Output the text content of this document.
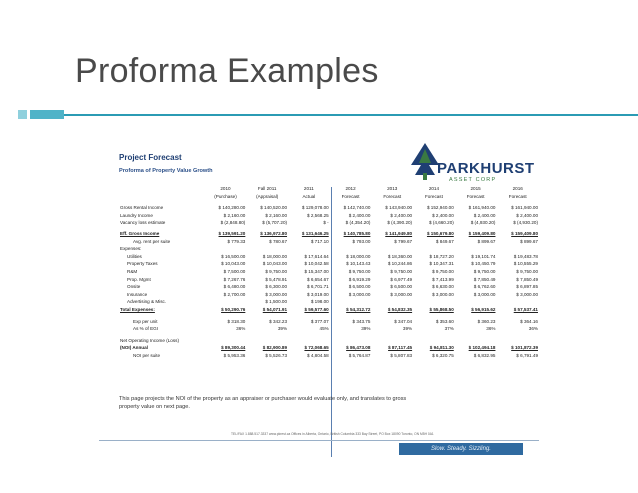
Proforma Examples
Project Forecast
Proforma of Property Value Growth	PARKHURST
ASSET CORP
	2010	Fall 2011	2011	2012	2013	2014	2015	2016
	(Purchase)	(Appraisal)	Actual	Forecast	Forecast	Forecast	Forecast	Forecast

Gross Rental Income	$ 140,280.00	$ 140,520.00	$ 129,078.00	$ 142,740.00	$ 143,940.00	$ 152,940.00	$ 161,940.00	$ 161,940.00
Laundry Income	$ 2,160.00	$ 2,160.00	$ 2,568.25	$ 2,400.00	$ 2,400.00	$ 2,400.00	$ 2,400.00	$ 2,400.00
Vacancy loss estimate	$ (2,848.80)	$ (5,707.20)	$ -	$ (4,354.20)	$ (4,390.20)	$ (4,660.20)	$ (4,930.20)	$ (4,930.20)

Eff. Gross Income	$ 139,591.20	$ 136,972.80	$ 131,646.25	$ 140,785.80	$ 141,949.80	$ 150,679.80	$ 159,409.80	$ 159,409.80
Avg. rent per suite	$ 779.33	$ 780.67	$ 717.10	$ 793.00	$ 799.67	$ 849.67	$ 899.67	$ 899.67
Expenses:								
Utilities	$ 16,500.00	$ 18,000.00	$ 17,614.64	$ 18,000.00	$ 18,360.00	$ 18,727.20	$ 19,101.74	$ 19,483.78
Property Taxes	$ 10,043.00	$ 10,043.00	$ 10,042.58	$ 10,143.43	$ 10,244.86	$ 10,347.31	$ 10,450.79	$ 10,555.29
R&M	$ 7,500.00	$ 9,750.00	$ 15,347.00	$ 9,750.00	$ 9,750.00	$ 9,750.00	$ 9,750.00	$ 9,750.00
Prop. Mgmt	$ 7,267.76	$ 5,478.91	$ 6,654.67	$ 6,919.29	$ 6,977.49	$ 7,413.99	$ 7,850.49	$ 7,850.49
Onsite	$ 6,480.00	$ 6,300.00	$ 6,701.71	$ 6,500.00	$ 6,500.00	$ 6,630.00	$ 6,762.60	$ 6,897.85
Insurance	$ 2,700.00	$ 3,000.00	$ 3,019.00	$ 3,000.00	$ 3,000.00	$ 3,000.00	$ 3,000.00	$ 3,000.00
Advertising & Misc.		$ 1,500.00	$ 198.00					
Total Expenses:	$ 50,290.76	$ 54,071.91	$ 59,577.60	$ 54,312.72	$ 54,832.35	$ 55,868.50	$ 56,915.62	$ 57,537.41

Exp per unit	$ 318.30	$ 342.23	$ 377.07	$ 343.75	$ 347.04	$ 353.60	$ 360.23	$ 364.16
As % of EGI	36%	39%	45%	39%	39%	37%	36%	36%

Net Operating Income (Loss)								
(NOI) Annual	$ 89,300.44	$ 82,900.89	$ 72,068.65	$ 86,473.08	$ 87,117.45	$ 94,811.30	$ 102,494.18	$ 101,872.39
NOI per suite	$ 5,953.36	$ 5,526.73	$ 4,804.58	$ 5,764.87	$ 5,807.83	$ 6,320.75	$ 6,832.95	$ 6,791.49
This page projects the NOI of the property as an appraiser or purchaser would evaluate only, and translates to gross property value on next page.
TEL/FAX 1.888.517.3337 www.pkrest.ca Offices in Alberta, Ontario, British Columbia 333 Bay Street, PO Box 18090 Toronto, ON M5H 0A1
Slow. Steady. Sizzling.
